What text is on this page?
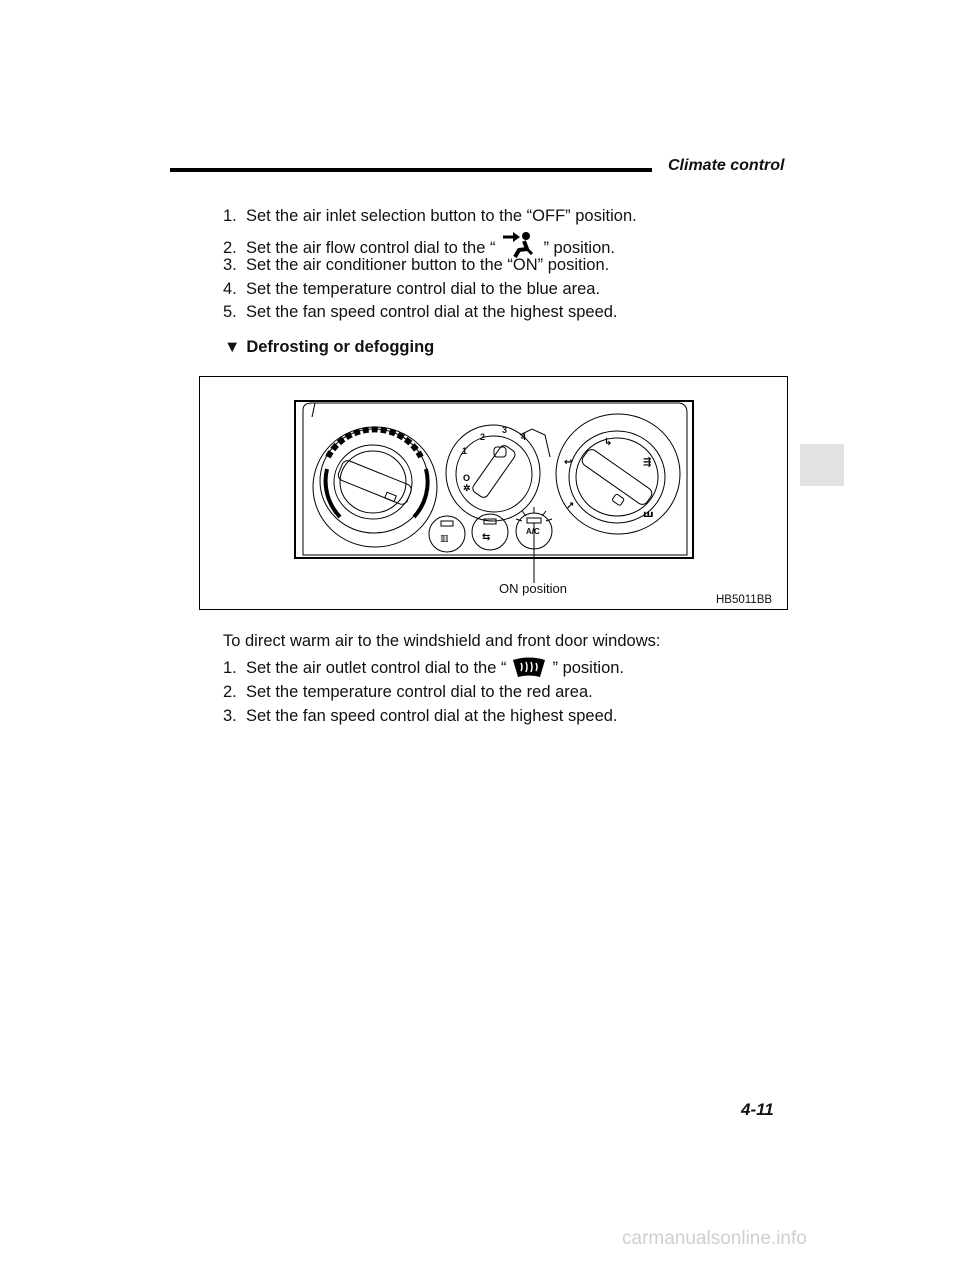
Climate control
1. Set the air inlet selection button to the “OFF” position.
2. Set the air flow control dial to the “	” position.
3. Set the air conditioner button to the “ON” position.
4. Set the temperature control dial to the blue area.
5. Set the fan speed control dial at the highest speed.
▼ Defrosting or defogging
O
✲
↳
↩
↗
⇶
ꟺ
▥	⇆
1
2
3
4
A/C
ON position
HB5011BB
To direct warm air to the windshield and front door windows:
1. Set the air outlet control dial to the “	” position.
2. Set the temperature control dial to the red area.
3. Set the fan speed control dial at the highest speed.
4-11
carmanualsonline.info
